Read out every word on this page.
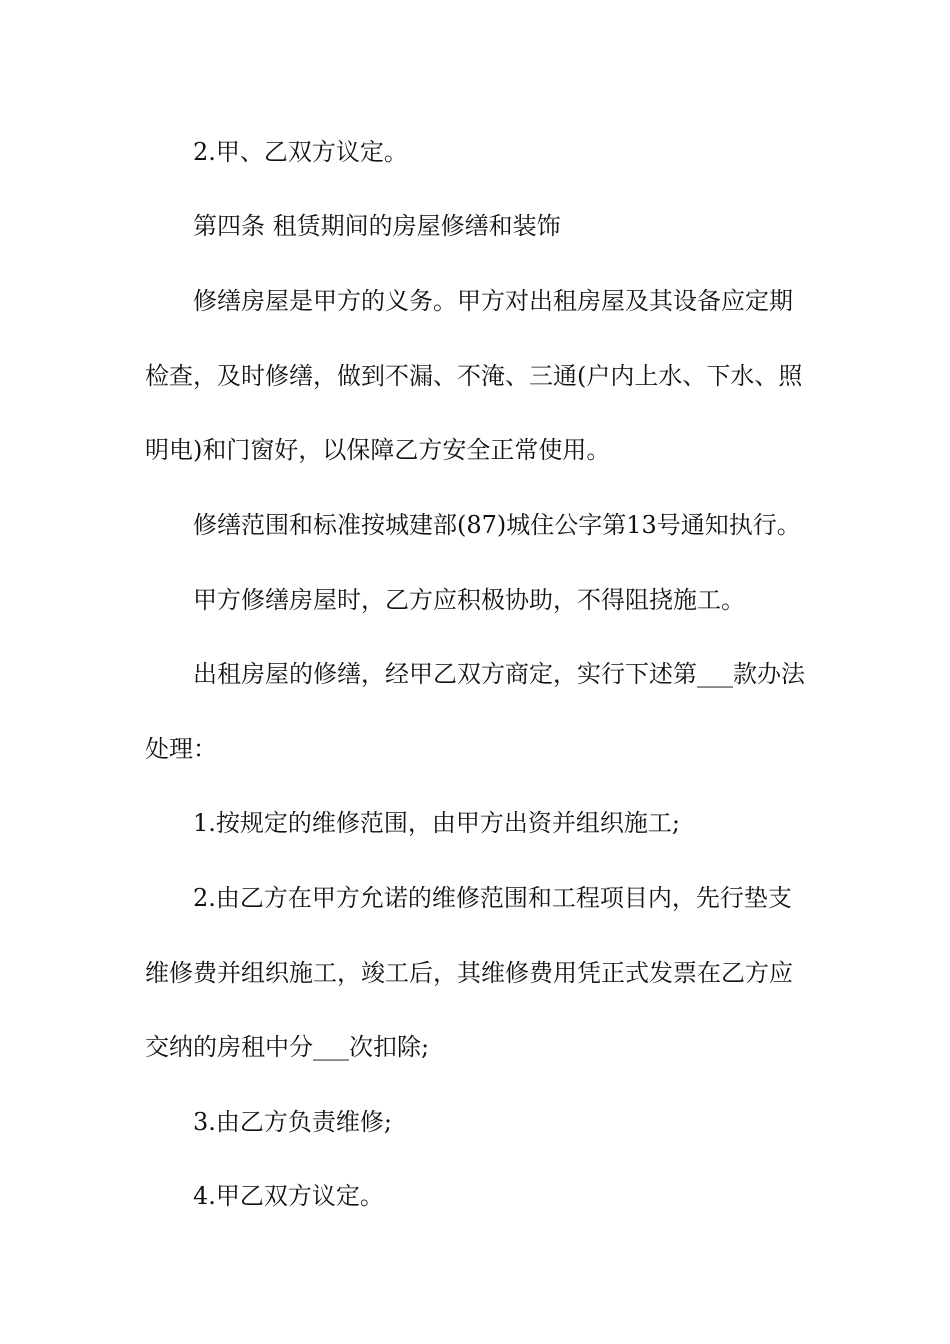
2.甲、乙双方议定。
第四条 租赁期间的房屋修缮和装饰
修缮房屋是甲方的义务。甲方对出租房屋及其设备应定期
检查，及时修缮，做到不漏、不淹、三通(户内上水、下水、照
明电)和门窗好，以保障乙方安全正常使用。
修缮范围和标准按城建部(87)城住公字第13号通知执行。
甲方修缮房屋时，乙方应积极协助，不得阻挠施工。
出租房屋的修缮，经甲乙双方商定，实行下述第___款办法
处理：
1.按规定的维修范围，由甲方出资并组织施工;
2.由乙方在甲方允诺的维修范围和工程项目内，先行垫支
维修费并组织施工，竣工后，其维修费用凭正式发票在乙方应
交纳的房租中分___次扣除;
3.由乙方负责维修;
4.甲乙双方议定。
